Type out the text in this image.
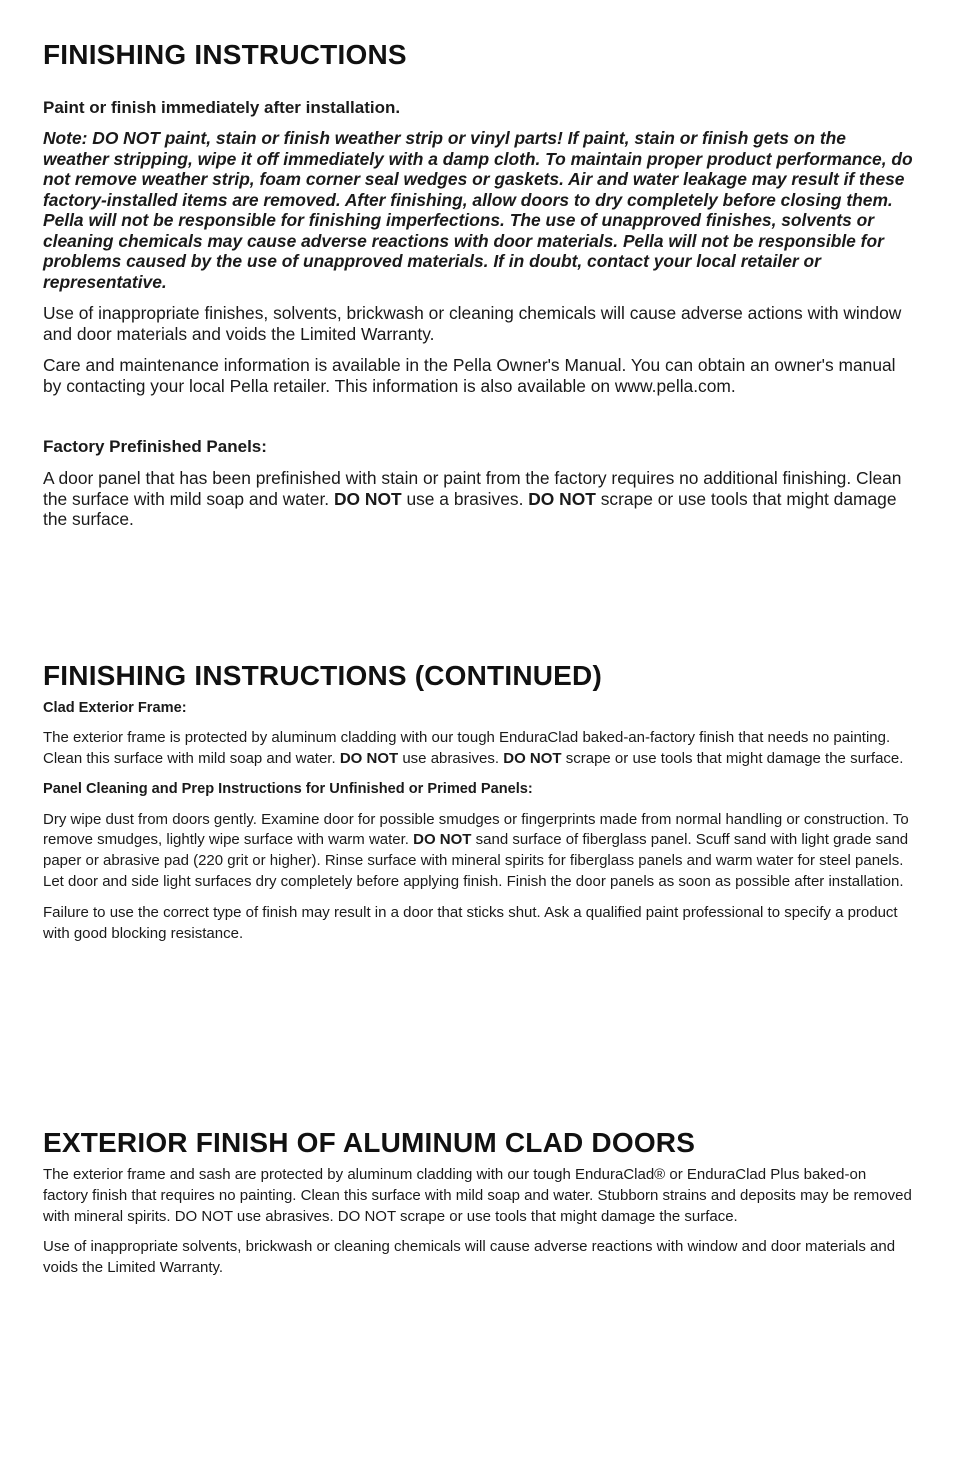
FINISHING INSTRUCTIONS

Paint or finish immediately after installation.

Note: DO NOT paint, stain or finish weather strip or vinyl parts! If paint, stain or finish gets on the weather stripping, wipe it off immediately with a damp cloth. To maintain proper product performance, do not remove weather strip, foam corner seal wedges or gaskets. Air and water leakage may result if these factory-installed items are removed. After finishing, allow doors to dry completely before closing them. Pella will not be responsible for finishing imperfections. The use of unapproved finishes, solvents or cleaning chemicals may cause adverse reactions with door materials. Pella will not be responsible for problems caused by the use of unapproved materials. If in doubt, contact your local retailer or representative.

Use of inappropriate finishes, solvents, brickwash or cleaning chemicals will cause adverse actions with window and door materials and voids the Limited Warranty.

Care and maintenance information is available in the Pella Owner's Manual. You can obtain an owner's manual by contacting your local Pella retailer. This information is also available on www.pella.com.

Factory Prefinished Panels:

A door panel that has been prefinished with stain or paint from the factory requires no additional finishing. Clean the surface with mild soap and water. DO NOT use a brasives. DO NOT scrape or use tools that might damage the surface.

FINISHING INSTRUCTIONS (CONTINUED)

Clad Exterior Frame:

The exterior frame is protected by aluminum cladding with our tough EnduraClad baked-an-factory finish that needs no painting. Clean this surface with mild soap and water. DO NOT use abrasives. DO NOT scrape or use tools that might damage the surface.

Panel Cleaning and Prep Instructions for Unfinished or Primed Panels:

Dry wipe dust from doors gently. Examine door for possible smudges or fingerprints made from normal handling or construction. To remove smudges, lightly wipe surface with warm water. DO NOT sand surface of fiberglass panel. Scuff sand with light grade sand paper or abrasive pad (220 grit or higher). Rinse surface with mineral spirits for fiberglass panels and warm water for steel panels. Let door and side light surfaces dry completely before applying finish. Finish the door panels as soon as possible after installation.

Failure to use the correct type of finish may result in a door that sticks shut. Ask a qualified paint professional to specify a product with good blocking resistance.

EXTERIOR FINISH OF ALUMINUM CLAD DOORS

The exterior frame and sash are protected by aluminum cladding with our tough EnduraClad® or EnduraClad Plus baked-on factory finish that requires no painting. Clean this surface with mild soap and water. Stubborn strains and deposits may be removed with mineral spirits. DO NOT use abrasives. DO NOT scrape or use tools that might damage the surface.

Use of inappropriate solvents, brickwash or cleaning chemicals will cause adverse reactions with window and door materials and voids the Limited Warranty.
